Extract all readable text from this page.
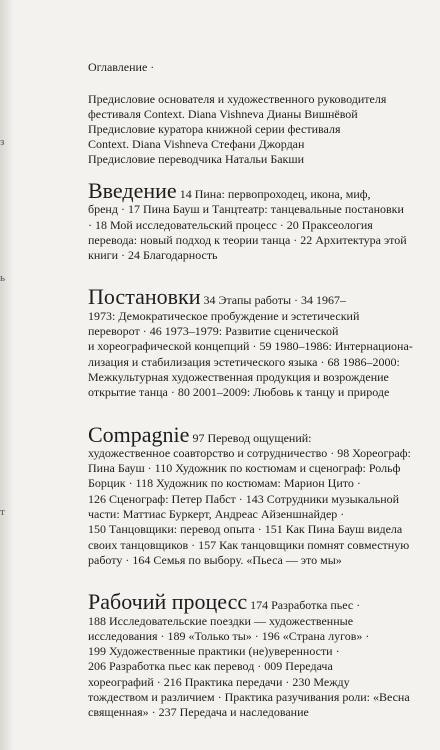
з
ь
т
Оглавление ·
Предисловие основателя и художественного руководителя
фестиваля Context. Diana Vishneva Дианы Вишнёвой
Предисловие куратора книжной серии фестиваля
Context. Diana Vishneva Стефани Джордан
Предисловие переводчика Натальи Бакши

Введение 14 Пина: первопроходец, икона, миф,

бренд · 17 Пина Бауш и Танцтеатр: танцевальные постановки

· 18 Мой исследовательский процесс · 20 Праксеология

перевода: новый подход к теории танца · 22 Архитектура этой

книги · 24 Благодарность

Постановки 34 Этапы работы · 34 1967–

1973: Демократическое пробуждение и эстетический

переворот · 46 1973–1979: Развитие сценической

и хореографической концепций · 59 1980–1986: Интернациона-

лизация и стабилизация эстетического языка · 68 1986–2000:

Межкультурная художественная продукция и возрождение

открытие танца · 80 2001–2009: Любовь к танцу и природе

Compagnie 97 Перевод ощущений:

художественное соавторство и сотрудничество · 98 Хореограф:

Пина Бауш · 110 Художник по костюмам и сценограф: Рольф

Борцик · 118 Художник по костюмам: Марион Цито ·

126 Сценограф: Петер Пабст · 143 Сотрудники музыкальной

части: Маттиас Буркерт, Андреас Айзеншнайдер ·

150 Танцовщики: перевод опыта · 151 Как Пина Бауш видела

своих танцовщиков · 157 Как танцовщики помнят совместную

работу · 164 Семья по выбору. «Пьеса — это мы»

Рабочий процесс 174 Разработка пьес ·

188 Исследовательские поездки — художественные

исследования · 189 «Только ты» · 196 «Страна лугов» ·

199 Художественные практики (не)уверенности ·

206 Разработка пьес как перевод · 009 Передача

хореографий · 216 Практика передачи · 230 Между

тождеством и различием · Практика разучивания роли: «Весна

священная» · 237 Передача и наследование
